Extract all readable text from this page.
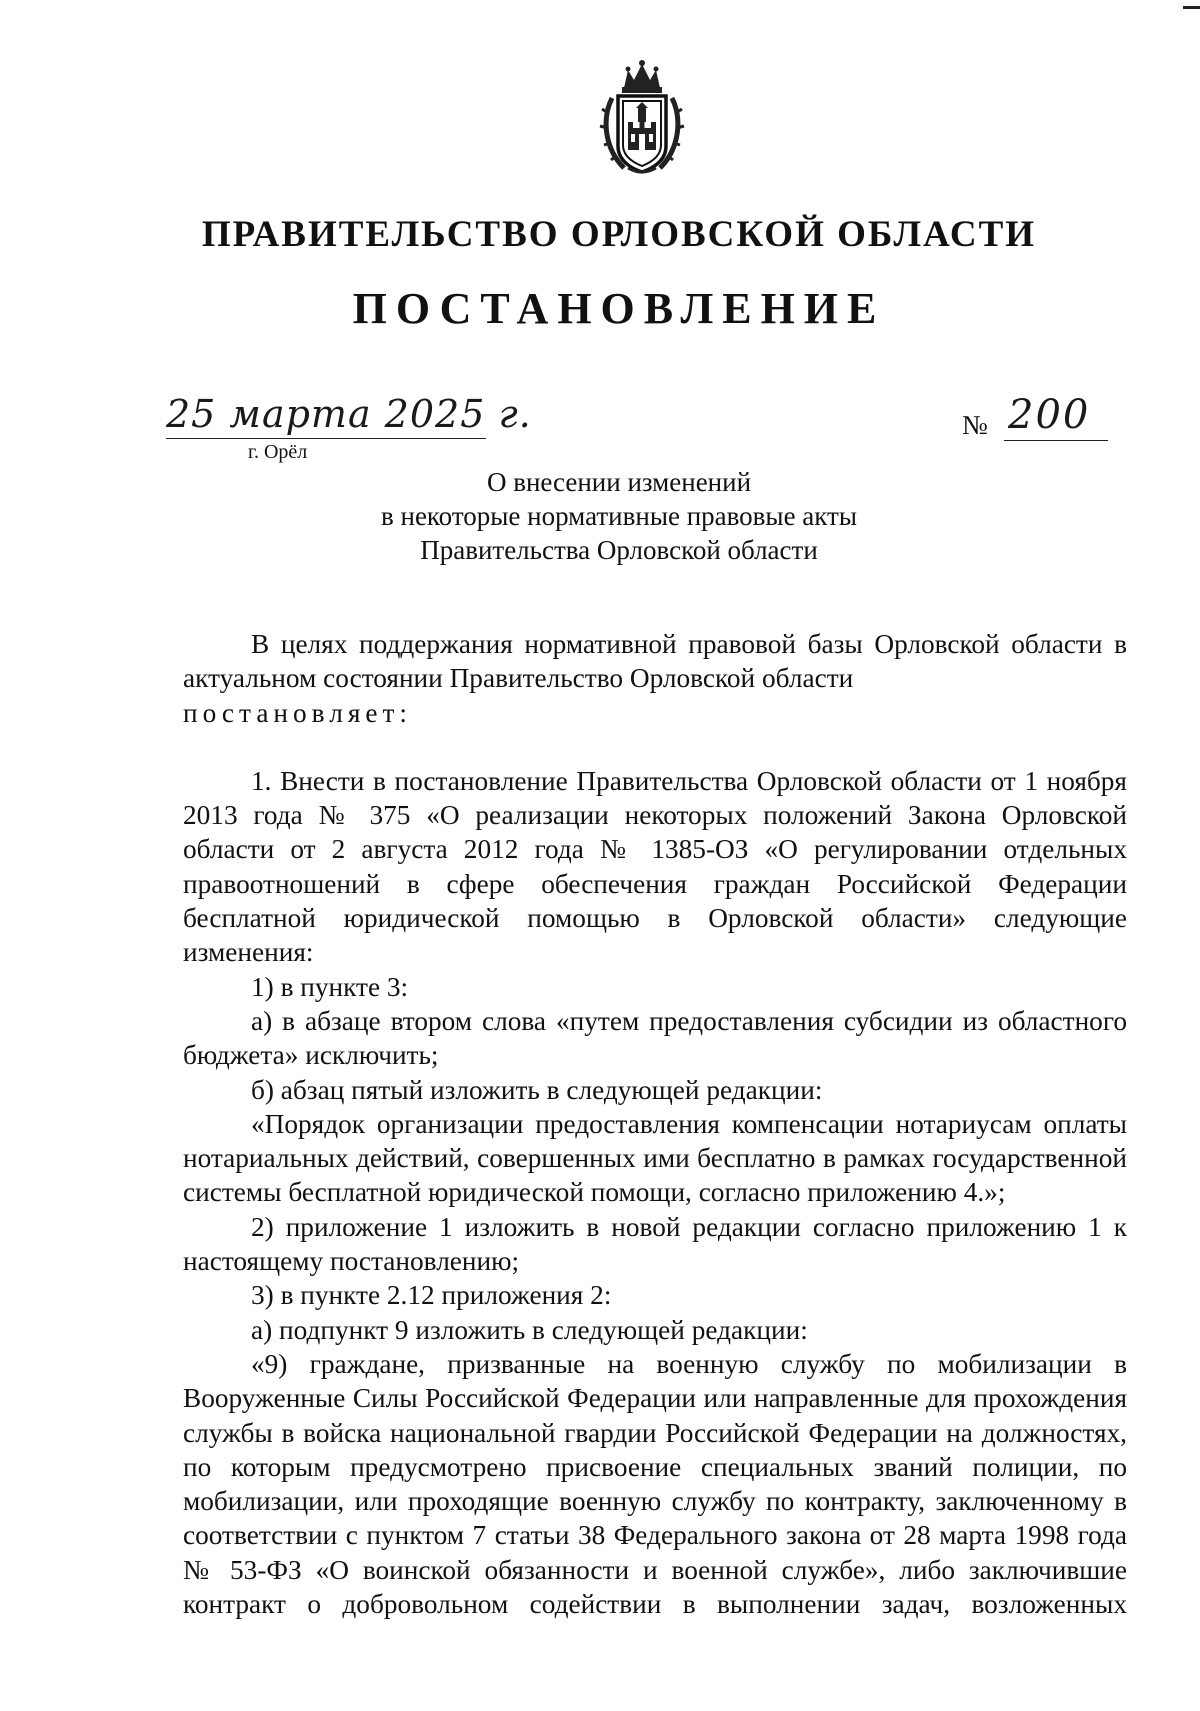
ПРАВИТЕЛЬСТВО ОРЛОВСКОЙ ОБЛАСТИ
ПОСТАНОВЛЕНИЕ
25 марта 2025 г.
г. Орёл
№ 200
О внесении изменений
в некоторые нормативные правовые акты
Правительства Орловской области

В целях поддержания нормативной правовой базы Орловской области в актуальном состоянии Правительство Орловской области

постановляет:

1. Внести в постановление Правительства Орловской области от 1 ноября 2013 года № 375 «О реализации некоторых положений Закона Орловской области от 2 августа 2012 года № 1385-ОЗ «О регулировании отдельных правоотношений в сфере обеспечения граждан Российской Федерации бесплатной юридической помощью в Орловской области» следующие изменения:

1) в пункте 3:

а) в абзаце втором слова «путем предоставления субсидии из областного бюджета» исключить;

б) абзац пятый изложить в следующей редакции:

«Порядок организации предоставления компенсации нотариусам оплаты нотариальных действий, совершенных ими бесплатно в рамках государственной системы бесплатной юридической помощи, согласно приложению 4.»;

2) приложение 1 изложить в новой редакции согласно приложению 1 к настоящему постановлению;

3) в пункте 2.12 приложения 2:

а) подпункт 9 изложить в следующей редакции:

«9) граждане, призванные на военную службу по мобилизации в Вооруженные Силы Российской Федерации или направленные для прохождения службы в войска национальной гвардии Российской Федерации на должностях, по которым предусмотрено присвоение специальных званий полиции, по мобилизации, или проходящие военную службу по контракту, заключенному в соответствии с пунктом 7 статьи 38 Федерального закона от 28 марта 1998 года № 53-ФЗ «О воинской обязанности и военной службе», либо заключившие контракт о добровольном содействии в выполнении задач, возложенных
